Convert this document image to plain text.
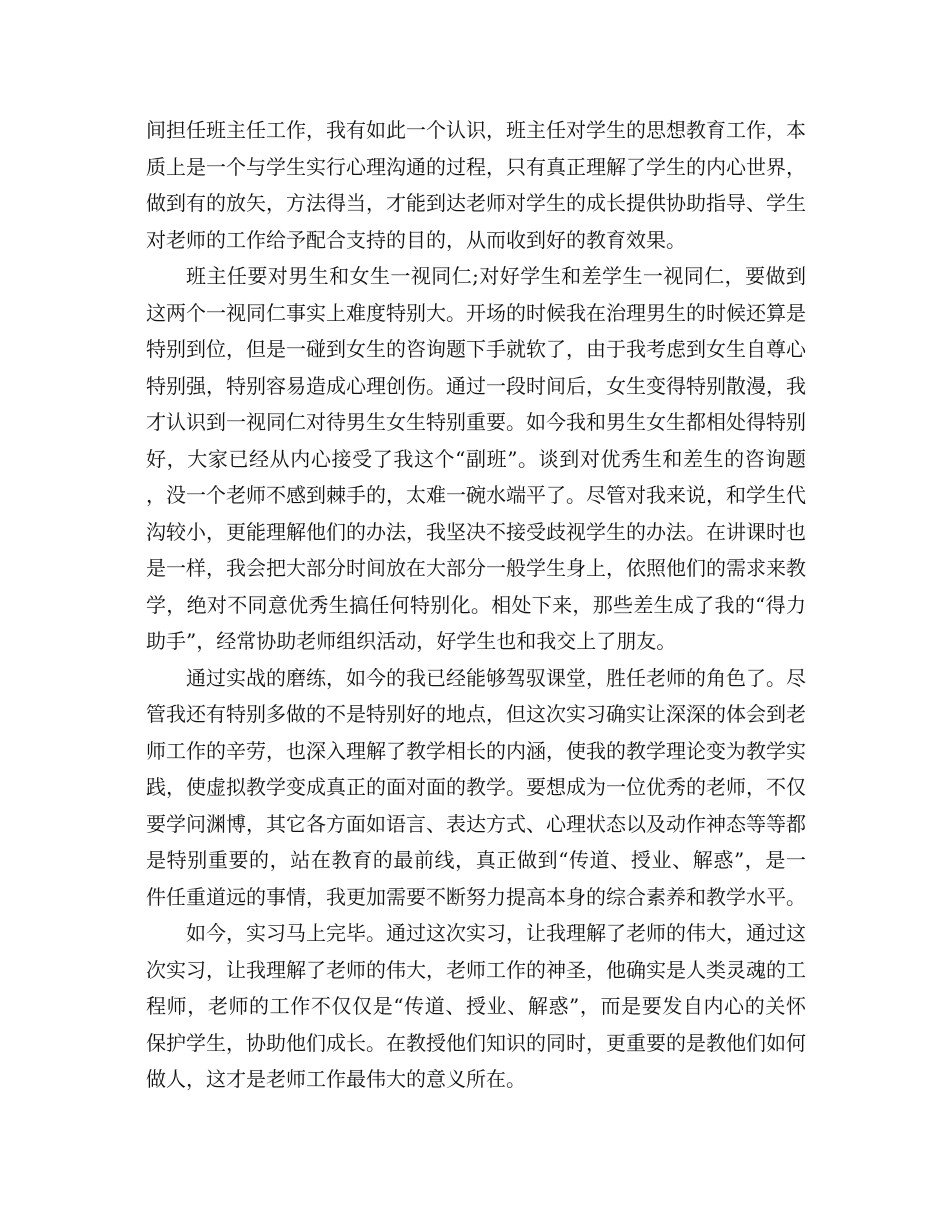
间担任班主任工作，我有如此一个认识，班主任对学生的思想教育工作，本质上是一个与学生实行心理沟通的过程，只有真正理解了学生的内心世界，做到有的放矢，方法得当，才能到达老师对学生的成长提供协助指导、学生对老师的工作给予配合支持的目的，从而收到好的教育效果。

班主任要对男生和女生一视同仁;对好学生和差学生一视同仁，要做到这两个一视同仁事实上难度特别大。开场的时候我在治理男生的时候还算是特别到位，但是一碰到女生的咨询题下手就软了，由于我考虑到女生自尊心特别强，特别容易造成心理创伤。通过一段时间后，女生变得特别散漫，我才认识到一视同仁对待男生女生特别重要。如今我和男生女生都相处得特别好，大家已经从内心接受了我这个“副班”。谈到对优秀生和差生的咨询题，没一个老师不感到棘手的，太难一碗水端平了。尽管对我来说，和学生代沟较小，更能理解他们的办法，我坚决不接受歧视学生的办法。在讲课时也是一样，我会把大部分时间放在大部分一般学生身上，依照他们的需求来教学，绝对不同意优秀生搞任何特别化。相处下来，那些差生成了我的“得力助手”，经常协助老师组织活动，好学生也和我交上了朋友。

通过实战的磨练，如今的我已经能够驾驭课堂，胜任老师的角色了。尽管我还有特别多做的不是特别好的地点，但这次实习确实让深深的体会到老师工作的辛劳，也深入理解了教学相长的内涵，使我的教学理论变为教学实践，使虚拟教学变成真正的面对面的教学。要想成为一位优秀的老师，不仅要学问渊博，其它各方面如语言、表达方式、心理状态以及动作神态等等都是特别重要的，站在教育的最前线，真正做到“传道、授业、解惑”，是一件任重道远的事情，我更加需要不断努力提高本身的综合素养和教学水平。

如今，实习马上完毕。通过这次实习，让我理解了老师的伟大，通过这次实习，让我理解了老师的伟大，老师工作的神圣，他确实是人类灵魂的工程师，老师的工作不仅仅是“传道、授业、解惑”，而是要发自内心的关怀保护学生，协助他们成长。在教授他们知识的同时，更重要的是教他们如何做人，这才是老师工作最伟大的意义所在。
